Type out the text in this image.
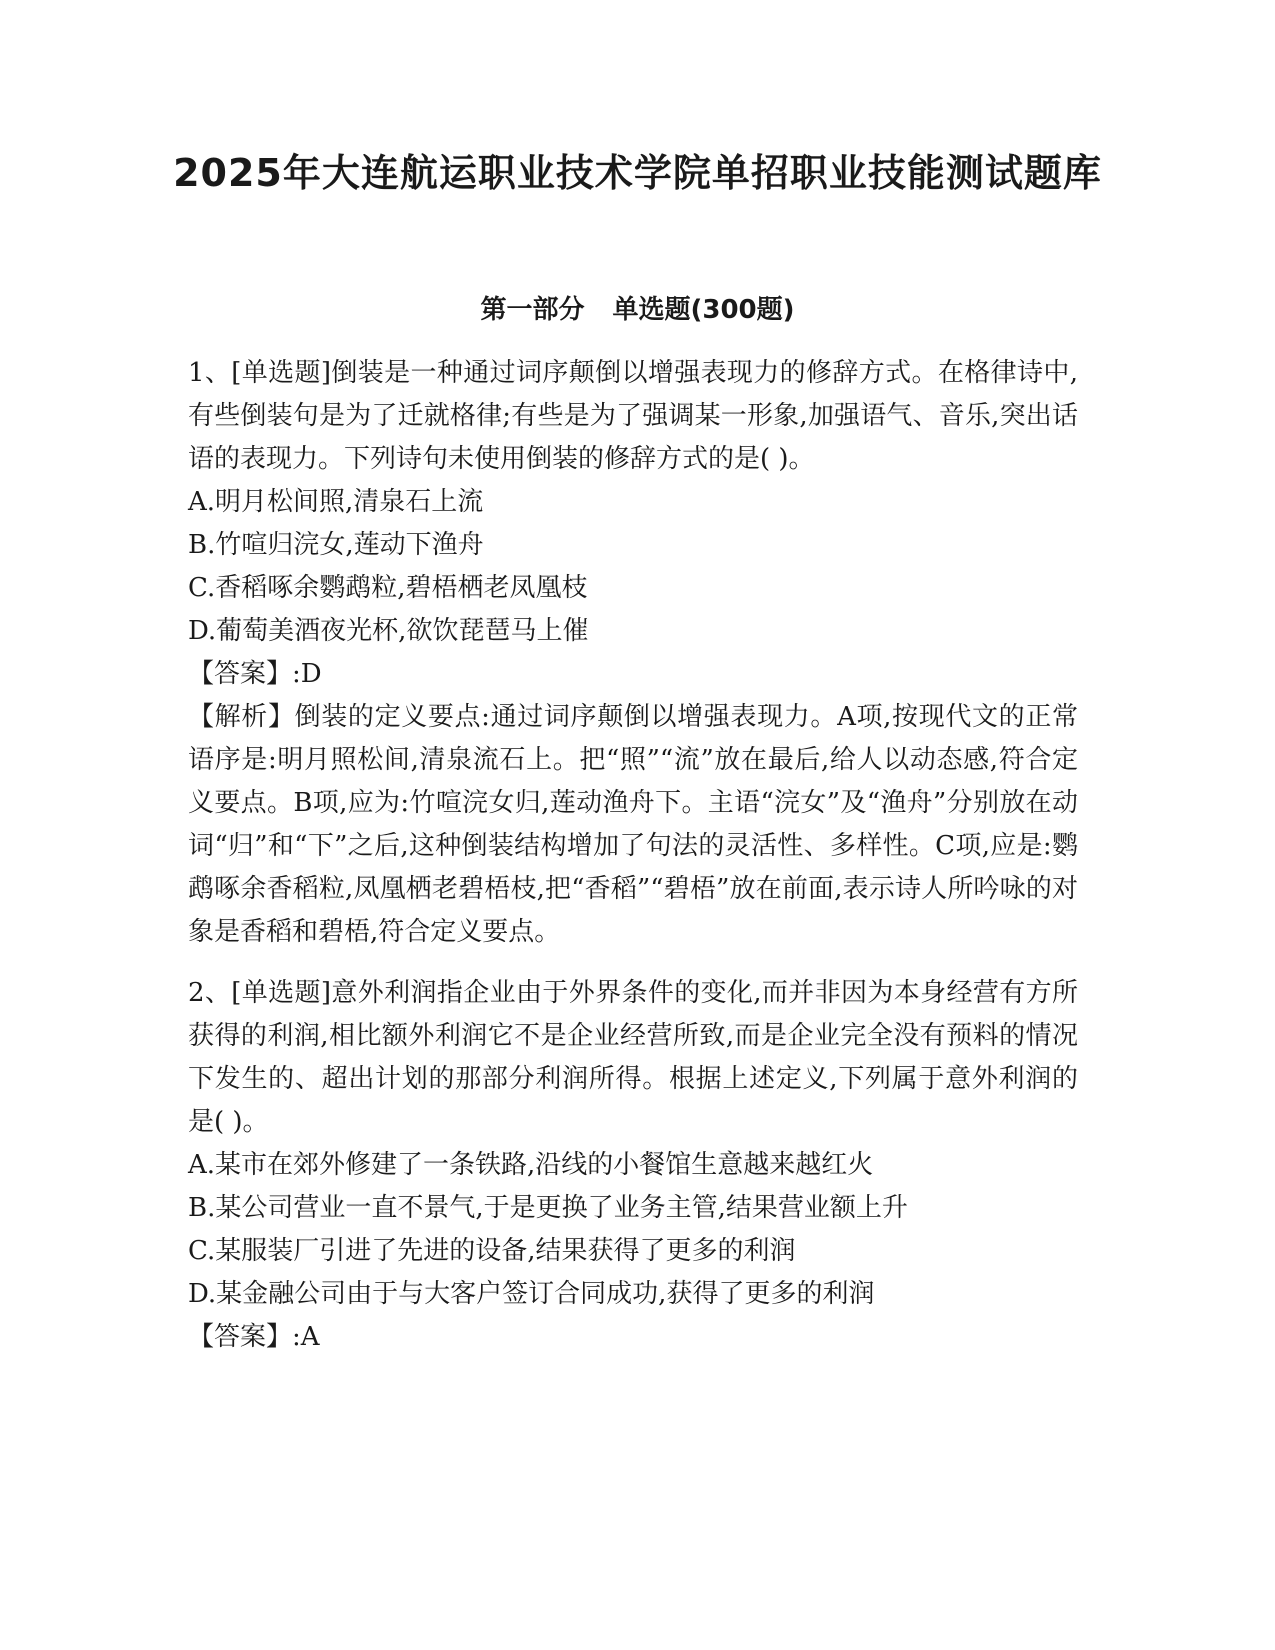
2025年大连航运职业技术学院单招职业技能测试题库
第一部分 单选题(300题)

1、[单选题]倒装是一种通过词序颠倒以增强表现力的修辞方式。在格律诗中,有些倒装句是为了迁就格律;有些是为了强调某一形象,加强语气、音乐,突出话语的表现力。下列诗句未使用倒装的修辞方式的是( )。

A.明月松间照,清泉石上流

B.竹喧归浣女,莲动下渔舟

C.香稻啄余鹦鹉粒,碧梧栖老凤凰枝

D.葡萄美酒夜光杯,欲饮琵琶马上催

【答案】:D

【解析】倒装的定义要点:通过词序颠倒以增强表现力。A项,按现代文的正常语序是:明月照松间,清泉流石上。把“照”“流”放在最后,给人以动态感,符合定义要点。B项,应为:竹喧浣女归,莲动渔舟下。主语“浣女”及“渔舟”分别放在动词“归”和“下”之后,这种倒装结构增加了句法的灵活性、多样性。C项,应是:鹦鹉啄余香稻粒,凤凰栖老碧梧枝,把“香稻”“碧梧”放在前面,表示诗人所吟咏的对象是香稻和碧梧,符合定义要点。

2、[单选题]意外利润指企业由于外界条件的变化,而并非因为本身经营有方所获得的利润,相比额外利润它不是企业经营所致,而是企业完全没有预料的情况下发生的、超出计划的那部分利润所得。根据上述定义,下列属于意外利润的是( )。

A.某市在郊外修建了一条铁路,沿线的小餐馆生意越来越红火

B.某公司营业一直不景气,于是更换了业务主管,结果营业额上升

C.某服装厂引进了先进的设备,结果获得了更多的利润

D.某金融公司由于与大客户签订合同成功,获得了更多的利润

【答案】:A
